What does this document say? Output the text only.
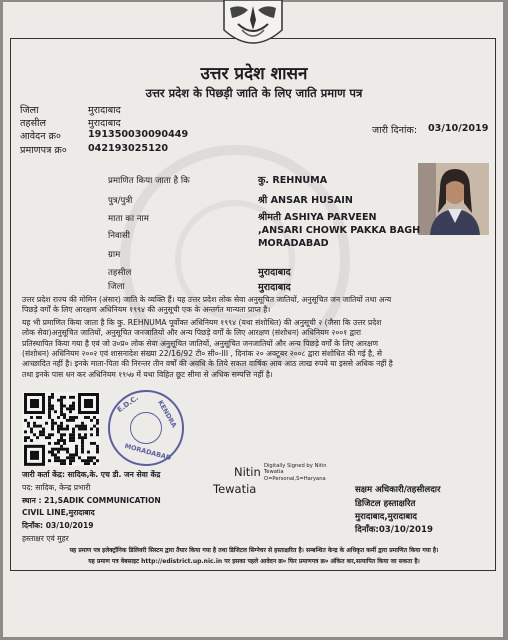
उत्तर प्रदेश शासन
उत्तर प्रदेश के पिछड़ी जाति के लिए जाति प्रमाण पत्र
जिला	मुरादाबाद
तहसील	मुरादाबाद
आवेदन क्र०	191350030090449
प्रमाणपत्र क्र० 042193025120
जारी दिनांक: 03/10/2019
प्रमाणित किया जाता है कि	कु. REHNUMA
पुत्र/पुत्री	श्री ANSAR HUSAIN
माता का नाम	श्रीमती ASHIYA PARVEEN
निवासी	,ANSARI CHOWK PAKKA BAGH
MORADABAD
ग्राम
तहसील	मुरादाबाद
जिला	मुरादाबाद
उत्तर प्रदेश राज्य की मोमिन (अंसार) जाति के व्यक्ति हैं। यह उत्तर प्रदेश लोक सेवा अनुसूचित जातियों, अनुसूचित जन जातियों तथा अन्य
पिछड़े वर्गों के लिए आरक्षण अधिनियम १९९४ की अनुसूची एक के अन्तर्गत मान्यता प्राप्त है।
यह भी प्रमाणित किया जाता है कि कु. REHNUMA पूर्वोक्त अधिनियम १९९४ (यथा संशोधित) की अनुसूची २ (जैसा कि उत्तर प्रदेश
लोक सेवा)अनुसूचित जातियों, अनुसूचित जनजातियों और अन्य पिछड़े वर्गों के लिए आरक्षण (संशोधन) अधिनियम २००१ द्वारा
प्रतिस्थापित किया गया है एवं जो उ०प्र० लोक सेवा अनुसूचित जातियों, अनुसूचित जनजातियों और अन्य पिछड़े वर्गों के लिए आरक्षण
(संशोधन) अधिनियम २००२ एवं शासनादेश संख्या 22/16/92 टी० सी०-III , दिनांक २० अक्टूबर २००८ द्वारा संशोधित की गई है, से
आच्छादित नहीं है। इनके माता-पिता की निरन्तर तीन वर्षों की अवधि के लिये सकल वार्षिक आय आठ लाख रुपये या इससे अधिक नहीं है
तथा इनके पास धन कर अधिनियम १९५७ में यथा विहित छूट सीमा से अधिक सम्पत्ति नहीं है।
E.D.C.	KENDRA
MORADABAD
जारी कर्ता केंद्र: सादिक,के. एच डी. जन सेवा केंद्र
पद: सादिक, केन्द्र प्रभारी
स्थान : 21,SADIK COMMUNICATION
CIVIL LINE,मुरादाबाद
दिनाँक: 03/10/2019
हस्ताक्षर एवं मुहर
Nitin
Tewatia
Digitally Signed by Nitin
Tewatia
O=Personal,S=Haryana
सक्षम अधिकारी/तहसीलदार
डिजिटल हस्ताक्षरित
मुरादाबाद,मुरादाबाद
दिनाँक:03/10/2019
यह प्रमाण पत्र इलेक्ट्रॉनिक डिलिवरी सिस्टम द्वारा तैयार किया गया है तथा डिजिटल सिग्नेचर से हस्ताक्षरित है। सम्बन्धित केन्द्र के अधिकृत कर्मी द्वारा प्रमाणित किया गया है।
यह प्रमाण पत्र वेबसाइट http://edistrict.up.nic.in पर इसका पहले आवेदन क्र० फिर प्रमाणपत्र क्र० अंकित कर,सत्यापित किया जा सकता है।
